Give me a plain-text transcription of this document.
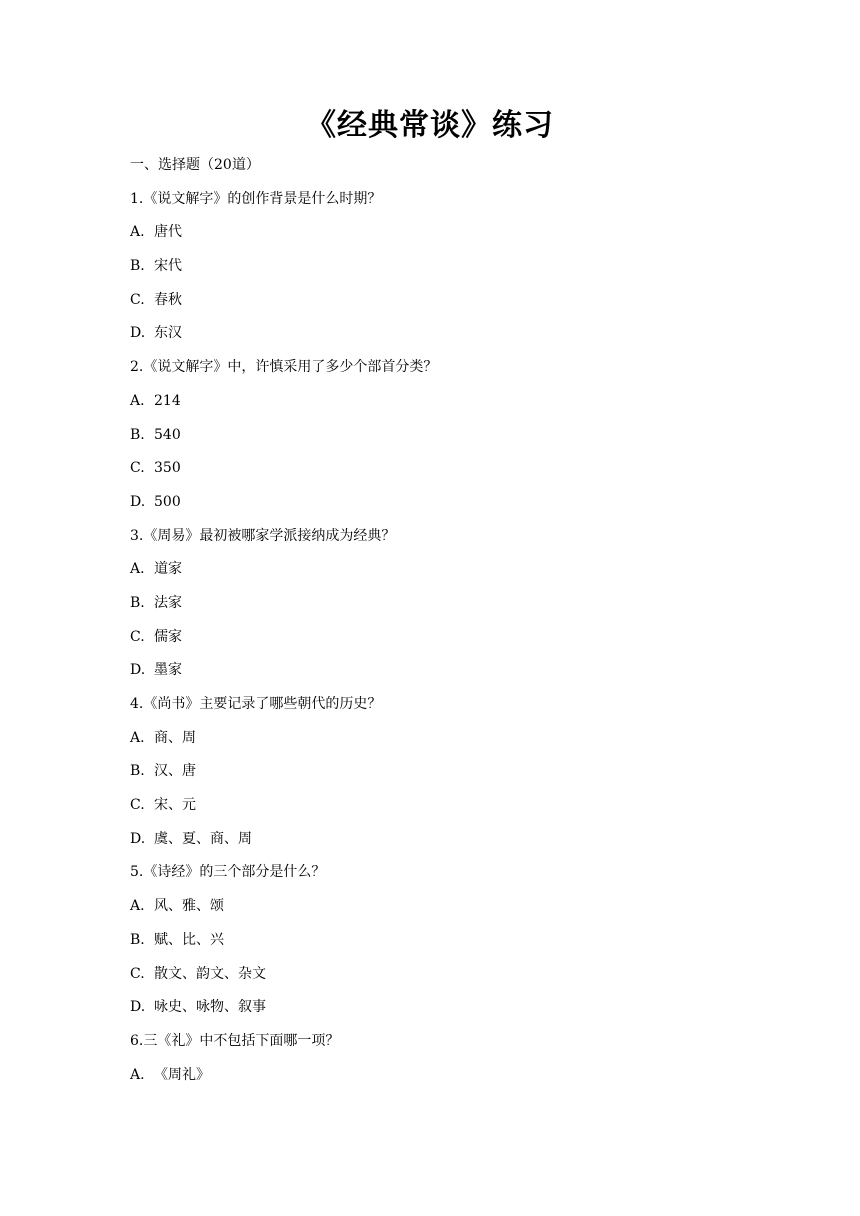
《经典常谈》练习
一、选择题（20道）
1.《说文解字》的创作背景是什么时期？
A. 唐代
B. 宋代
C. 春秋
D. 东汉
2.《说文解字》中，许慎采用了多少个部首分类？
A. 214
B. 540
C. 350
D. 500
3.《周易》最初被哪家学派接纳成为经典？
A. 道家
B. 法家
C. 儒家
D. 墨家
4.《尚书》主要记录了哪些朝代的历史？
A. 商、周
B. 汉、唐
C. 宋、元
D. 虞、夏、商、周
5.《诗经》的三个部分是什么？
A. 风、雅、颂
B. 赋、比、兴
C. 散文、韵文、杂文
D. 咏史、咏物、叙事
6.三《礼》中不包括下面哪一项？
A. 《周礼》
